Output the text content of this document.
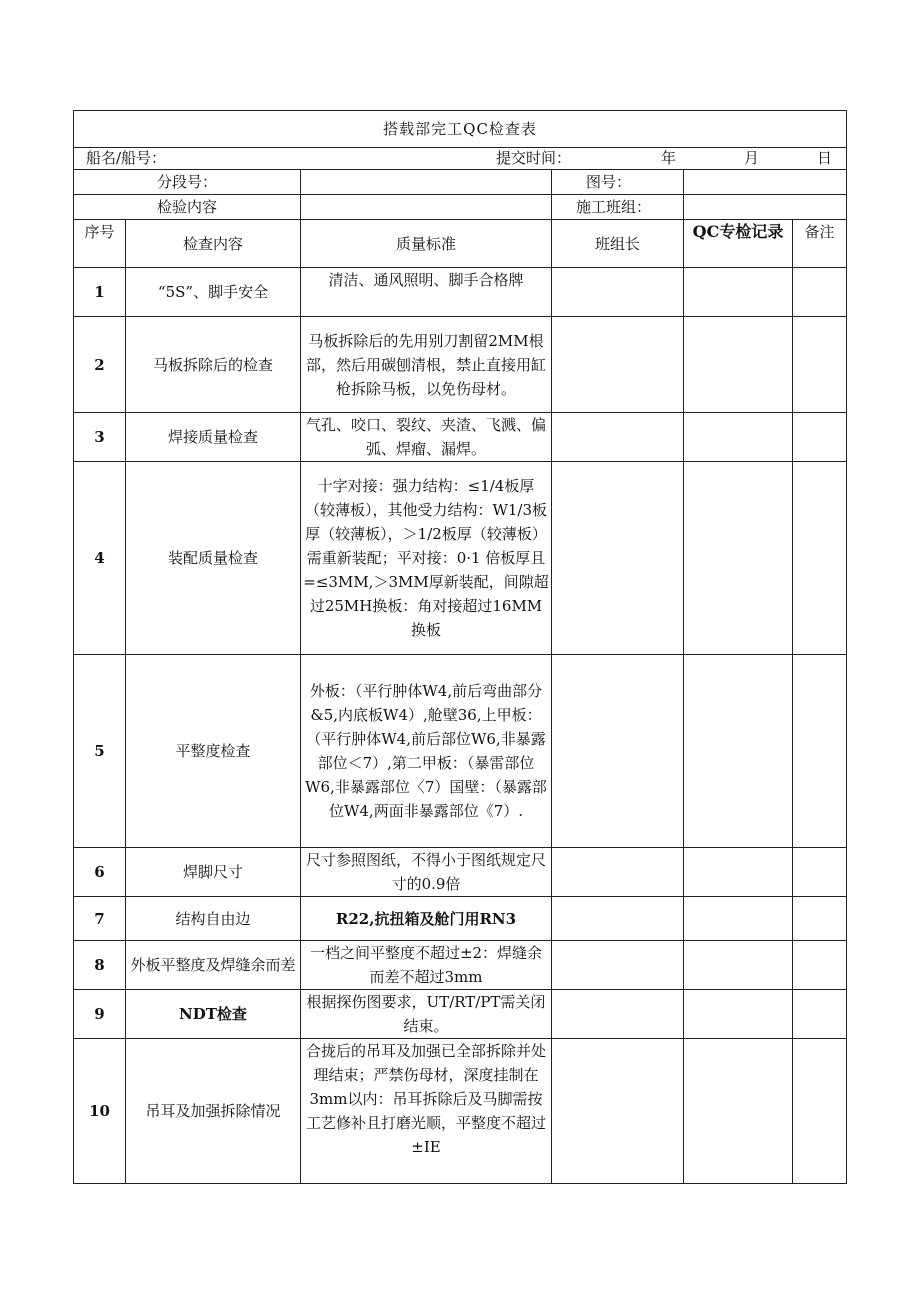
搭载部完工QC检查表					

船名/船号： 提交时间： 年 月 日					

分段号：			图号：		
检验内容			施工班组：		
序号	检查内容	质量标准	班组长	QC专检记录	备注
1	“5S”、脚手安全	清洁、通风照明、脚手合格牌			
2	马板拆除后的检查	马板拆除后的先用别刀割留2MM根部，然后用碳刨清根，禁止直接用缸枪拆除马板，以免伤母材。			
3	焊接质量检查	气孔、咬口、裂纹、夹渣、飞溅、偏弧、焊瘤、漏焊。			
4	装配质量检查	十字对接：强力结构：≤1/4板厚（较薄板），其他受力结构：W1/3板厚（较薄板），＞1/2板厚（较薄板）需重新装配；平对接：0·1 倍板厚且=≤3MM,＞3MM厚新装配，间隙超过25MH换板：角对接超过16MM换板			
5	平整度检查	外板：（平行肿体W4,前后弯曲部分&5,内底板W4）,舱壁36,上甲板：（平行肿体W4,前后部位W6,非暴露部位＜7）,第二甲板：（暴雷部位W6,非暴露部位〈7）国壁：（暴露部位W4,两面非暴露部位《7）.			
6	焊脚尺寸	尺寸参照图纸，不得小于图纸规定尺寸的0.9倍			
7	结构自由边	R22,抗扭箱及舱门用RN3			
8	外板平整度及焊缝余而差	一档之间平整度不超过±2：焊缝余而差不超过3mm			
9	NDT检查	根据探伤图要求，UT/RT/PT需关闭结束。			
10	吊耳及加强拆除情况	合拢后的吊耳及加强已全部拆除并处理结束；严禁伤母材，深度挂制在3mm以内：吊耳拆除后及马脚需按工艺修补且打磨光顺，平整度不超过±IE			
